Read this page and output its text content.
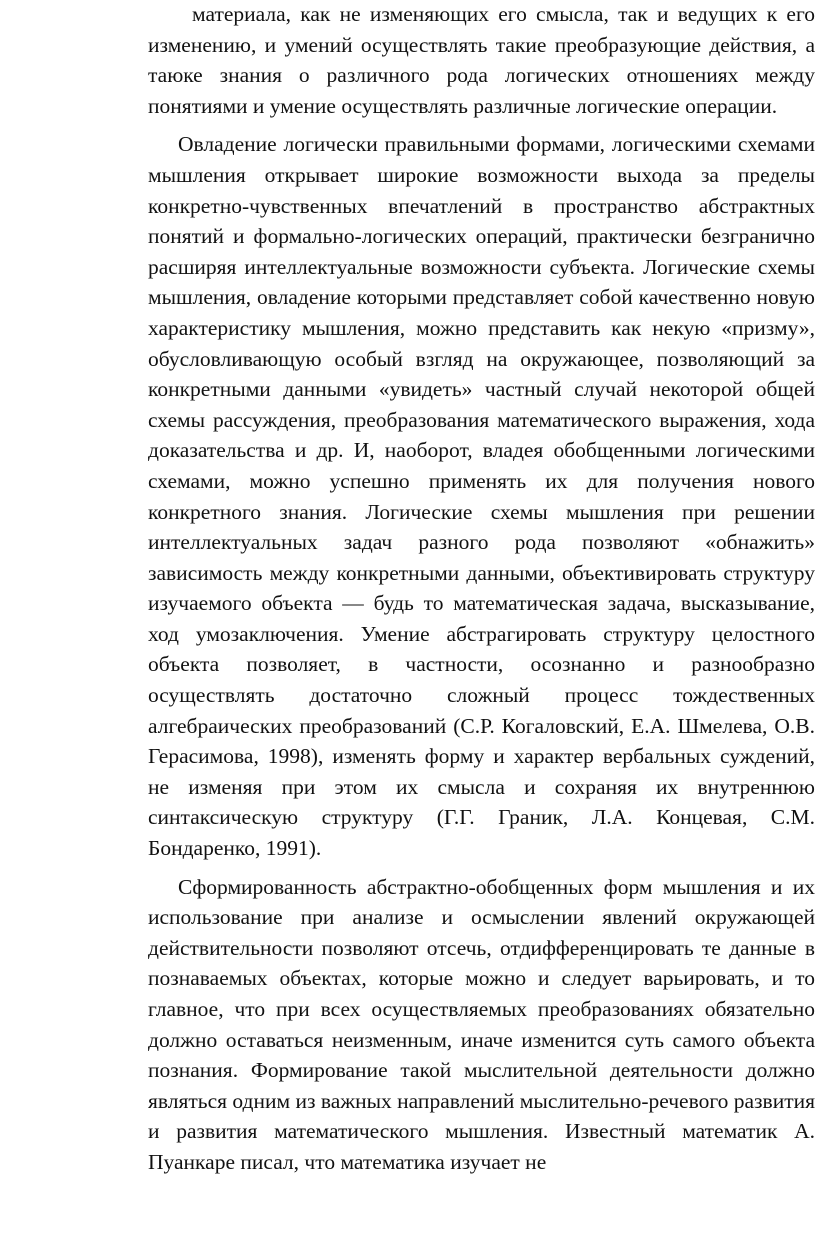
материала, как не изменяющих его смысла, так и ведущих к его изменению, и умений осуществлять такие преобразующие действия, а таюке знания о различного рода логических отношениях между понятиями и умение осуществлять различные логические операции.

Овладение логически правильными формами, логическими схемами мышления открывает широкие возможности выхода за пределы конкретно-чувственных впечатлений в пространство абстрактных понятий и формально-логических операций, практически безгранично расширяя интеллектуальные возможности субъекта. Логические схемы мышления, овладение которыми представляет собой качественно новую характеристику мышления, можно представить как некую «призму», обусловливающую особый взгляд на окружающее, позволяющий за конкретными данными «увидеть» частный случай некоторой общей схемы рассуждения, преобразования математического выражения, хода доказательства и др. И, наоборот, владея обобщенными логическими схемами, можно успешно применять их для получения нового конкретного знания. Логические схемы мышления при решении интеллектуальных задач разного рода позволяют «обнажить» зависимость между конкретными данными, объективировать структуру изучаемого объекта — будь то математическая задача, высказывание, ход умозаключения. Умение абстрагировать структуру целостного объекта позволяет, в частности, осознанно и разнообразно осуществлять достаточно сложный процесс тождественных алгебраических преобразований (С.Р. Когаловский, Е.А. Шмелева, О.В. Герасимова, 1998), изменять форму и характер вербальных суждений, не изменяя при этом их смысла и сохраняя их внутреннюю синтаксическую структуру (Г.Г. Граник, Л.А. Концевая, С.М. Бондаренко, 1991).

Сформированность абстрактно-обобщенных форм мышления и их использование при анализе и осмыслении явлений окружающей действительности позволяют отсечь, отдифференцировать те данные в познаваемых объектах, которые можно и следует варьировать, и то главное, что при всех осуществляемых преобразованиях обязательно должно оставаться неизменным, иначе изменится суть самого объекта познания. Формирование такой мыслительной деятельности должно являться одним из важных направлений мыслительно-речевого развития и развития математического мышления. Известный математик А. Пуанкаре писал, что математика изучает не
